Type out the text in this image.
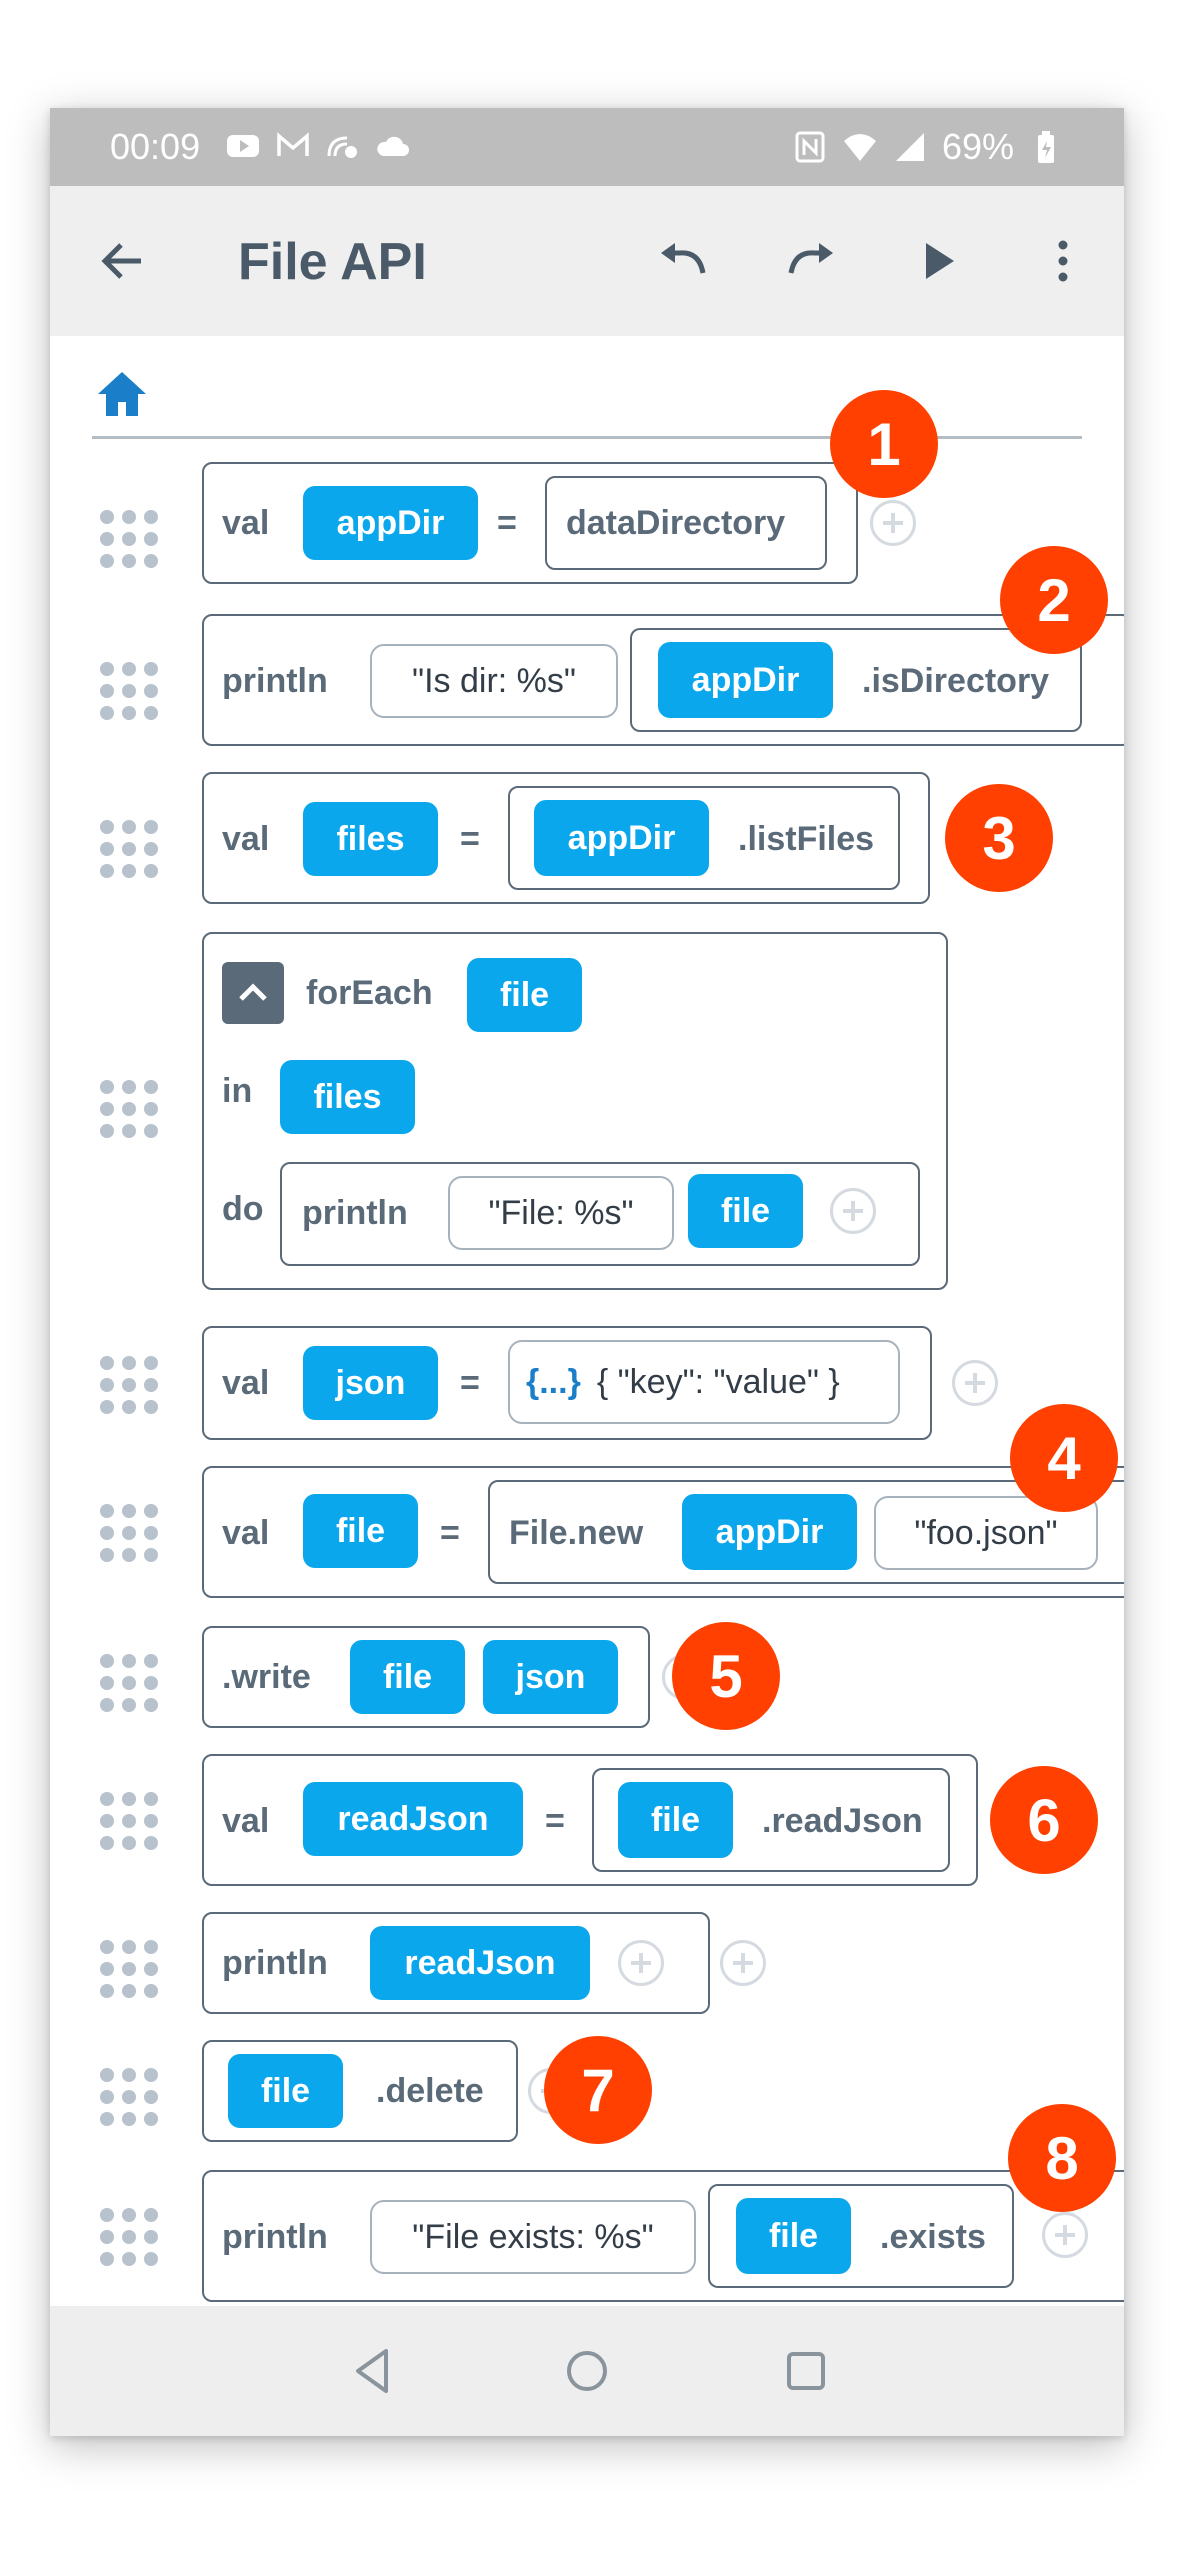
00:09	69%
File API
val	appDir	= dataDirectory
1
println	"Is dir: %s"	appDir	.isDirectory
2
val	files	=	appDir	.listFiles	3
forEach	file
in	files
do println	"File: %s"	file
val	json	= {...} { "key": "value" }
val	file	= File.new	appDir	"foo.json"
4
.write	file	json	5
val	readJson	=	file	.readJson	6
println	readJson
file	.delete	7
println	"File exists: %s"	file	.exists
8
